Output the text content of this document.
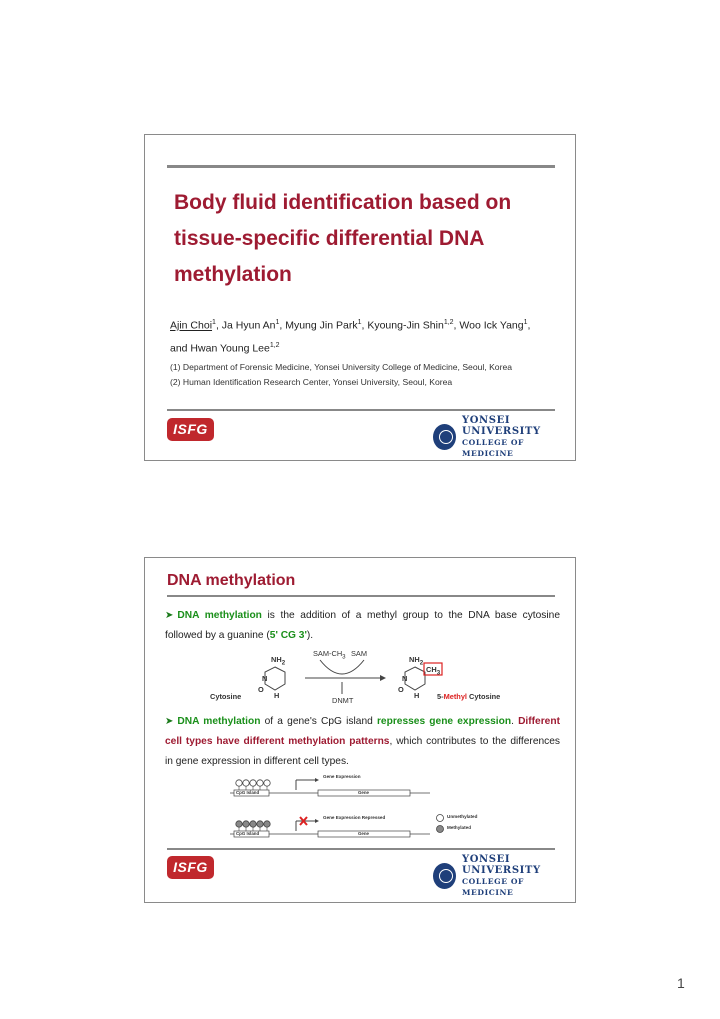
Body fluid identification based on tissue-specific differential DNA methylation
Ajin Choi$^1$, Ja Hyun An$^1$, Myung Jin Park$^1$, Kyoung-Jin Shin$^{1,2}$, Woo Ick Yang$^1$,
and Hwan Young Lee$^{1,2}$
(1) Department of Forensic Medicine, Yonsei University College of Medicine, Seoul, Korea
(2) Human Identification Research Center, Yonsei University, Seoul, Korea
ISFG
YONSEI UNIVERSITY
COLLEGE OF MEDICINE
DNA methylation
➤ DNA methylation is the addition of a methyl group to the DNA base cytosine followed by a guanine (5' CG 3').
$NH_2$
N
O
H
SAM-$CH_3$ SAM
DNMT
$NH_2$
$CH_3$
N
O
H
Cytosine	5-Methyl Cytosine
➤ DNA methylation of a gene's CpG island represses gene expression. Different cell types have different methylation patterns, which contributes to the differences in gene expression in different cell types.
Gene Expression
Gene Expression Repressed
CpG Island	Gene
CpG Island	Gene
Unmethylated
Methylated
ISFG	YONSEI UNIVERSITY
COLLEGE OF MEDICINE
1
